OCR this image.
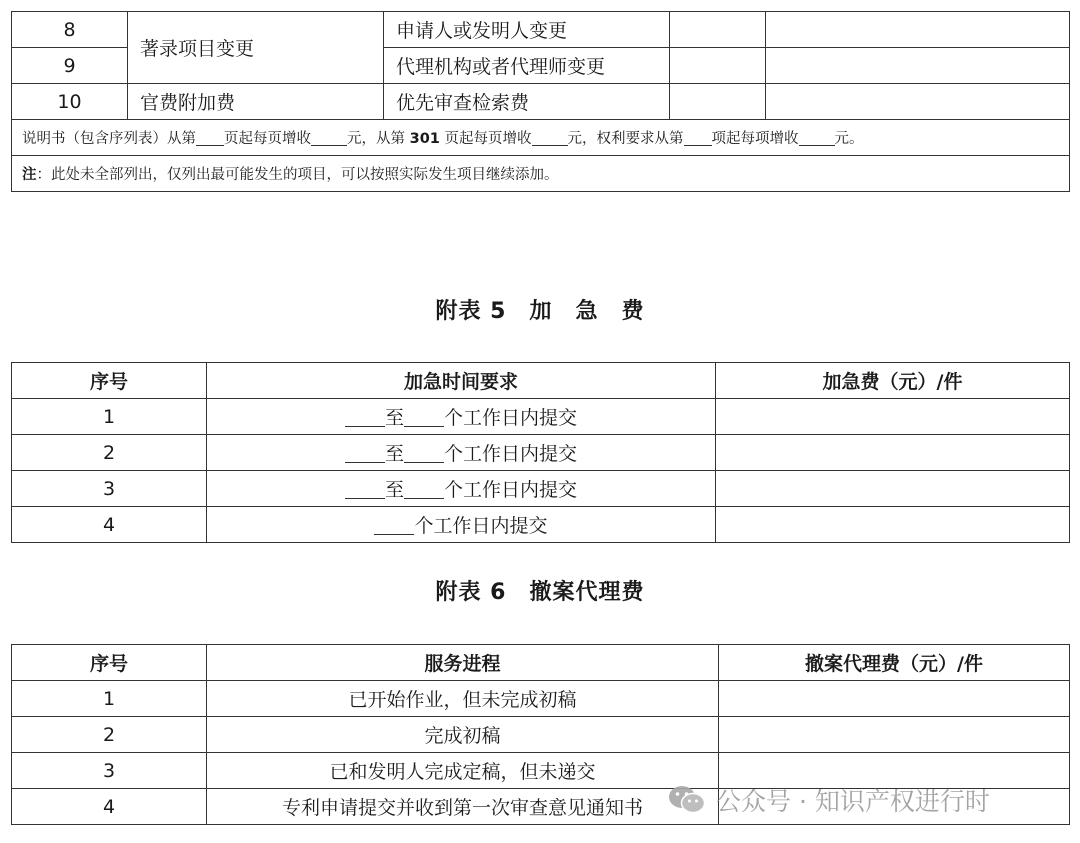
8	著录项目变更	申请人或发明人变更		
9		代理机构或者代理师变更		
10	官费附加费	优先审查检索费		
说明书（包含序列表）从第 页起每页增收 元，从第 301 页起每页增收 元，权利要求从第 项起每项增收 元。				
注：此处未全部列出，仅列出最可能发生的项目，可以按照实际发生项目继续添加。				
附表 5　加　急　费
序号	加急时间要求	加急费（元）/件
1	至 个工作日内提交	
2	至 个工作日内提交	
3	至 个工作日内提交	
4	个工作日内提交	
附表 6　撤案代理费
序号	服务进程	撤案代理费（元）/件
1	已开始作业，但未完成初稿	
2	完成初稿	
3	已和发明人完成定稿，但未递交	
4	专利申请提交并收到第一次审查意见通知书		公众号 · 知识产权进行时
